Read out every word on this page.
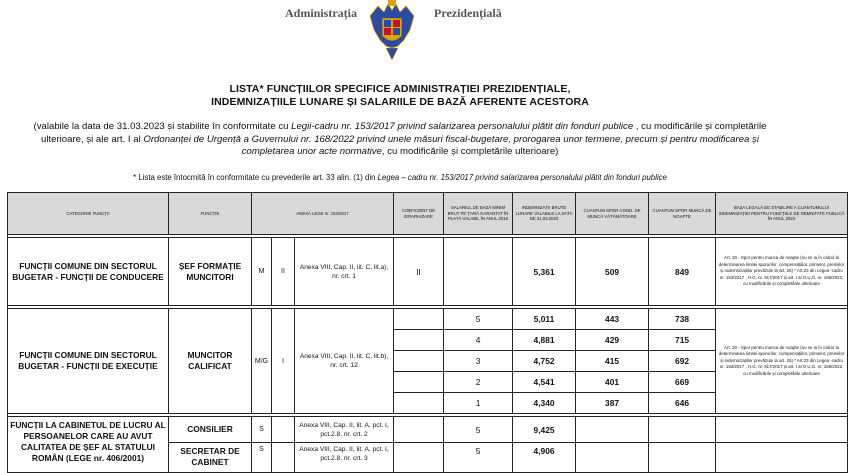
Administrația	Prezidențială
LISTA* FUNCȚIILOR SPECIFICE ADMINISTRAȚIEI PREZIDENȚIALE,
INDEMNIZAȚIILE LUNARE ȘI SALARIILE DE BAZĂ AFERENTE ACESTORA
(valabile la data de 31.03.2023 și stabilite în conformitate cu Legii-cadru nr. 153/2017 privind salarizarea personalului plătit din fonduri publice , cu modificările și completările ulterioare, și ale art. I al Ordonanței de Urgență a Guvernului nr. 168/2022 privind unele măsuri fiscal-bugetare, prorogarea unor termene, precum și pentru modificarea și completarea unor acte normative, cu modificările și completările ulterioare)
* Lista este întocmită în conformitate cu prevederile art. 33 alin. (1) din Legea – cadru nr. 153/2017 privind salarizarea personalului plătit din fonduri publice
CATEGORIE FUNCȚII	FUNCȚIE	ANEXĂ LEGE nr. 153/2017			COEFICIENT DE IERARHIZARE	SALARIUL DE BAZĂ MINIM BRUT PE ȚARĂ GARANTAT ÎN PLATĂ VALABIL ÎN ANUL 2018	INDEMNIZAȚII BRUTE LUNARE VALABILE LA DATA DE 31.03.2023	CUANTUM SPOR COND. DE MUNCĂ VĂTĂMĂTOARE	CUANTUM SPOR MUNCĂ DE NOAPTE	BAZA LEGALĂ DE STABILIRE A CUANTUMULUI INDEMNIZAȚIEI PENTRU FUNCȚIILE DE DEMNITATE PUBLICĂ ÎN ANUL 2023

FUNCȚII COMUNE DIN SECTORUL BUGETAR - FUNCȚII DE CONDUCERE	ȘEF FORMAȚIE MUNCITORI	M	II	Anexa VIII, Cap. II, lit. C, lit.a), nr. crt. 1	II		5,361	509	849	Art. 20 - Spor pentru munca de noapte (nu se ia în calcul la determinarea limitei sporurilor, compensațiilor, primelor, premiilor și indemnizațiilor prevăzute la art. 25) * Art.23 din Legea -cadru nr. 153/2017 , H.G. nr. 917/2017 și art. I al O.U.G. nr. 168/2022, cu modificările și completările ulterioare

FUNCȚII COMUNE DIN SECTORUL BUGETAR - FUNCȚII DE EXECUȚIE	MUNCITOR CALIFICAT	M/G	I	Anexa VIII, Cap. II, lit. C, lit.b), nr. crt. 12		5	5,011	443	738	Art. 20 - Spor pentru munca de noapte (nu se ia în calcul la determinarea limitei sporurilor, compensațiilor, primelor, premiilor și indemnizațiilor prevăzute la art. 25) * Art.23 din Legea -cadru nr. 153/2017 , H.G. nr. 917/2017 și art. I al O.U.G. nr. 168/2022, cu modificările și completările ulterioare
						4	4,881	429	715	
						3	4,752	415	692	
						2	4,541	401	669	
						1	4,340	387	646	

FUNCȚII LA CABINETUL DE LUCRU AL PERSOANELOR CARE AU AVUT CALITATEA DE ȘEF AL STATULUI ROMÂN (LEGE nr. 406/2001)	CONSILIER	S		Anexa VIII, Cap. II, lit. A, pct. I, pct.2.8, nr. crt. 2		5	9,425			
	SECRETAR DE CABINET	S		Anexa VIII, Cap. II, lit. A, pct. I, pct.2.8, nr. crt. 3		5	4,906			
